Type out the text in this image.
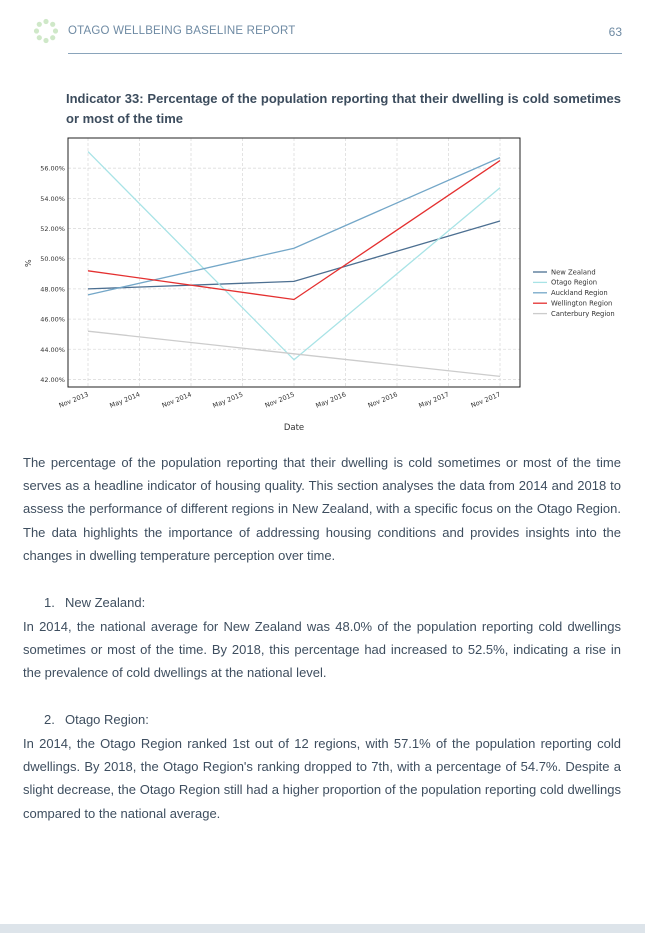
OTAGO WELLBEING BASELINE REPORT	63
Indicator 33: Percentage of the population reporting that their dwelling is cold sometimes or most of the time
42.00%
44.00%
46.00%
48.00%
50.00%
52.00%
54.00%
56.00%
Nov 2013	May 2014	Nov 2014	May 2015	Nov 2015	May 2016	Nov 2016	May 2017	Nov 2017
%
Date
New Zealand
Otago Region
Auckland Region
Wellington Region
Canterbury Region
The percentage of the population reporting that their dwelling is cold sometimes or most of the time serves as a headline indicator of housing quality. This section analyses the data from 2014 and 2018 to assess the performance of different regions in New Zealand, with a specific focus on the Otago Region. The data highlights the importance of addressing housing conditions and provides insights into the changes in dwelling temperature perception over time.
1. New Zealand:
In 2014, the national average for New Zealand was 48.0% of the population reporting cold dwellings sometimes or most of the time. By 2018, this percentage had increased to 52.5%, indicating a rise in the prevalence of cold dwellings at the national level.
2. Otago Region:
In 2014, the Otago Region ranked 1st out of 12 regions, with 57.1% of the population reporting cold dwellings. By 2018, the Otago Region's ranking dropped to 7th, with a percentage of 54.7%. Despite a slight decrease, the Otago Region still had a higher proportion of the population reporting cold dwellings compared to the national average.
